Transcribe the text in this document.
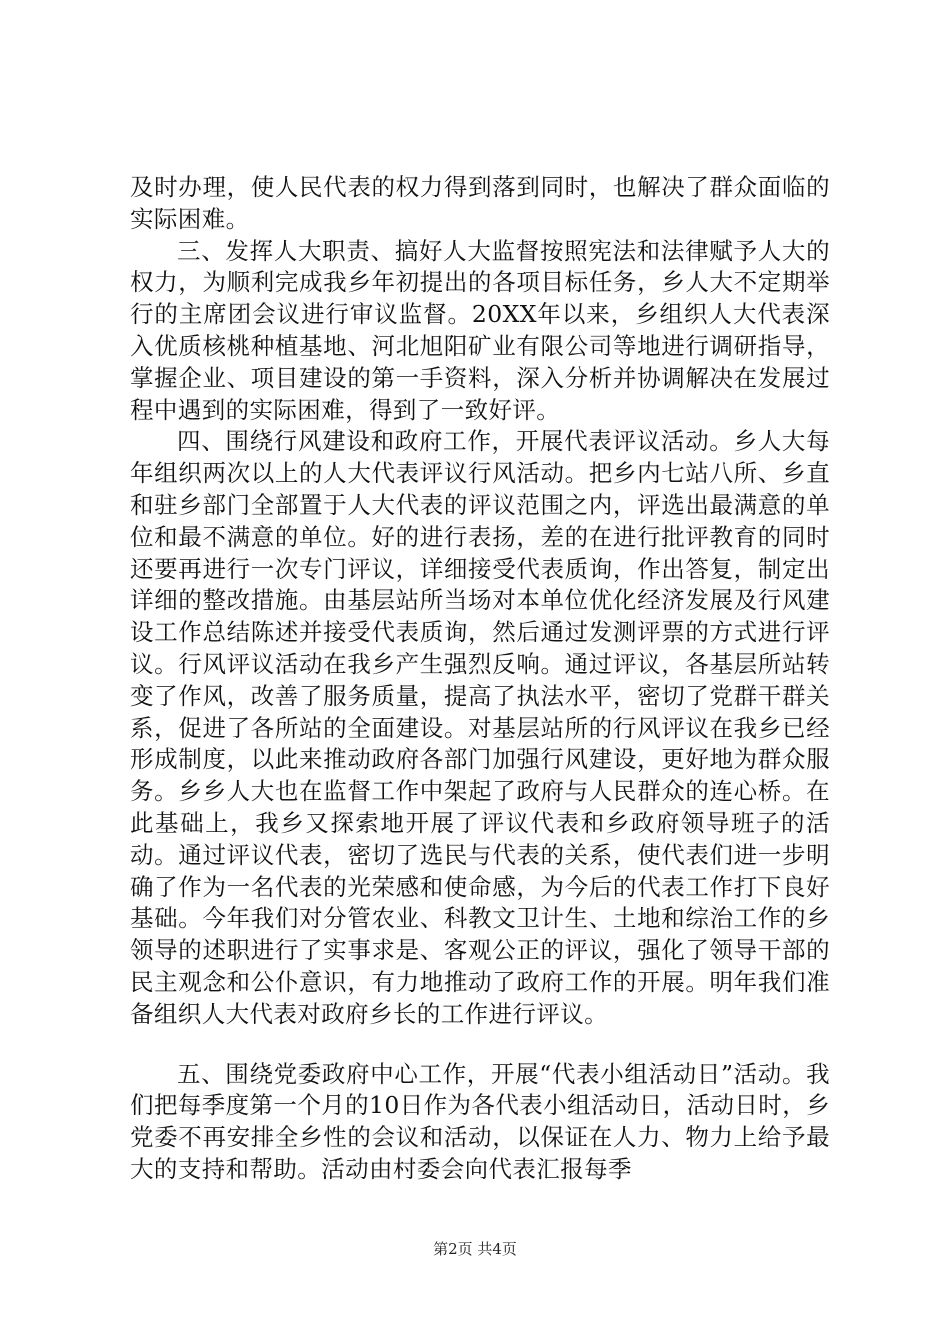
及时办理，使人民代表的权力得到落到同时，也解决了群众面临的实际困难。

三、发挥人大职责、搞好人大监督按照宪法和法律赋予人大的权力，为顺利完成我乡年初提出的各项目标任务，乡人大不定期举行的主席团会议进行审议监督。20XX年以来，乡组织人大代表深入优质核桃种植基地、河北旭阳矿业有限公司等地进行调研指导，掌握企业、项目建设的第一手资料，深入分析并协调解决在发展过程中遇到的实际困难，得到了一致好评。

四、围绕行风建设和政府工作，开展代表评议活动。乡人大每年组织两次以上的人大代表评议行风活动。把乡内七站八所、乡直和驻乡部门全部置于人大代表的评议范围之内，评选出最满意的单位和最不满意的单位。好的进行表扬，差的在进行批评教育的同时还要再进行一次专门评议，详细接受代表质询，作出答复，制定出详细的整改措施。由基层站所当场对本单位优化经济发展及行风建设工作总结陈述并接受代表质询，然后通过发测评票的方式进行评议。行风评议活动在我乡产生强烈反响。通过评议，各基层所站转变了作风，改善了服务质量，提高了执法水平，密切了党群干群关系，促进了各所站的全面建设。对基层站所的行风评议在我乡已经形成制度，以此来推动政府各部门加强行风建设，更好地为群众服务。乡乡人大也在监督工作中架起了政府与人民群众的连心桥。在此基础上，我乡又探索地开展了评议代表和乡政府领导班子的活动。通过评议代表，密切了选民与代表的关系，使代表们进一步明确了作为一名代表的光荣感和使命感，为今后的代表工作打下良好基础。今年我们对分管农业、科教文卫计生、土地和综治工作的乡领导的述职进行了实事求是、客观公正的评议，强化了领导干部的民主观念和公仆意识，有力地推动了政府工作的开展。明年我们准备组织人大代表对政府乡长的工作进行评议。

五、围绕党委政府中心工作，开展“代表小组活动日”活动。我们把每季度第一个月的10日作为各代表小组活动日，活动日时，乡党委不再安排全乡性的会议和活动，以保证在人力、物力上给予最大的支持和帮助。活动由村委会向代表汇报每季

第2页 共4页
